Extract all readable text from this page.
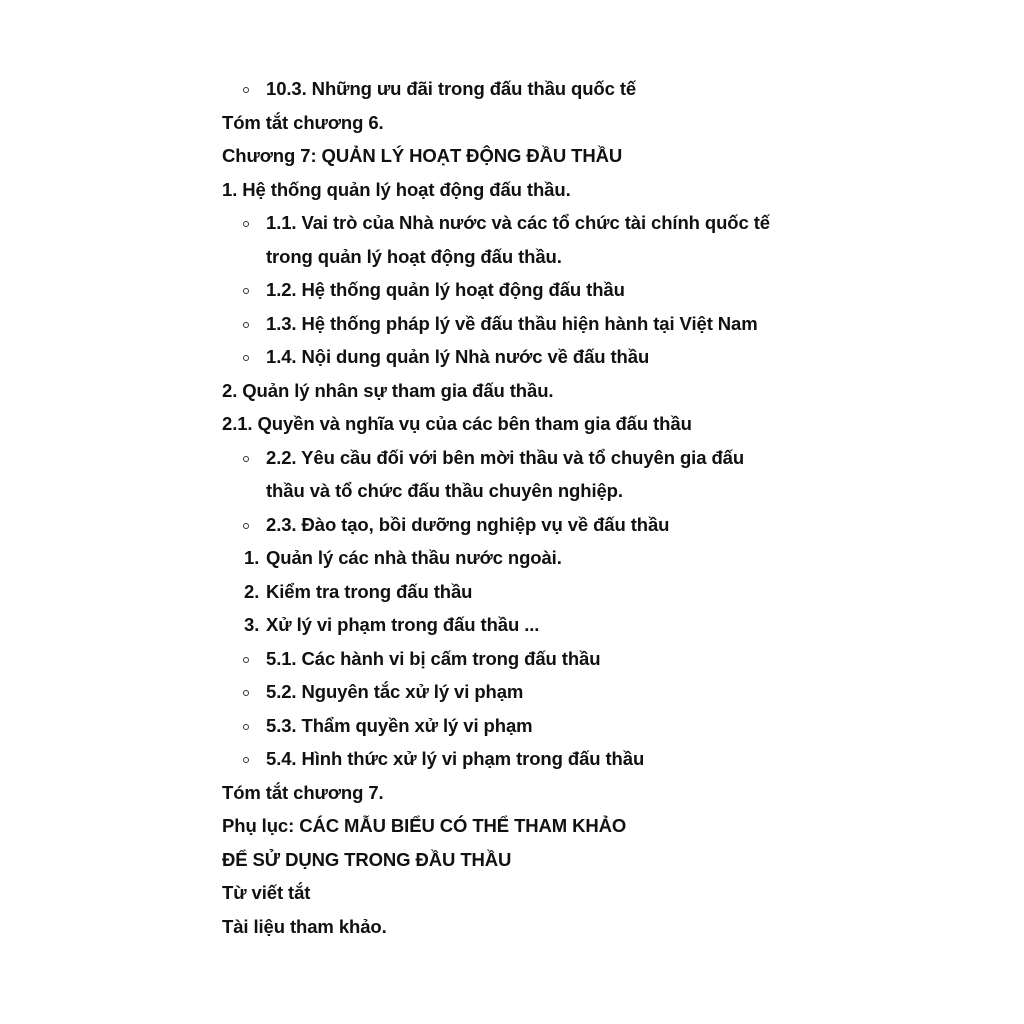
10.3. Những ưu đãi trong đấu thầu quốc tế
Tóm tắt chương 6.
Chương 7: QUẢN LÝ HOẠT ĐỘNG ĐẦU THẦU
1. Hệ thống quản lý hoạt động đấu thầu.
1.1. Vai trò của Nhà nước và các tổ chức tài chính quốc tế trong quản lý hoạt động đấu thầu.
1.2. Hệ thống quản lý hoạt động đấu thầu
1.3. Hệ thống pháp lý về đấu thầu hiện hành tại Việt Nam
1.4. Nội dung quản lý Nhà nước về đấu thầu
2. Quản lý nhân sự tham gia đấu thầu.
2.1. Quyền và nghĩa vụ của các bên tham gia đấu thầu
2.2. Yêu cầu đối với bên mời thầu và tổ chuyên gia đấu thầu và tổ chức đấu thầu chuyên nghiệp.
2.3. Đào tạo, bồi dưỡng nghiệp vụ về đấu thầu
1. Quản lý các nhà thầu nước ngoài.
2. Kiểm tra trong đấu thầu
3. Xử lý vi phạm trong đấu thầu ...
5.1. Các hành vi bị cấm trong đấu thầu
5.2. Nguyên tắc xử lý vi phạm
5.3. Thẩm quyền xử lý vi phạm
5.4. Hình thức xử lý vi phạm trong đấu thầu
Tóm tắt chương 7.
Phụ lục: CÁC MẪU BIỂU CÓ THỂ THAM KHẢO
ĐỂ SỬ DỤNG TRONG ĐẦU THẦU
Từ viết tắt
Tài liệu tham khảo.
